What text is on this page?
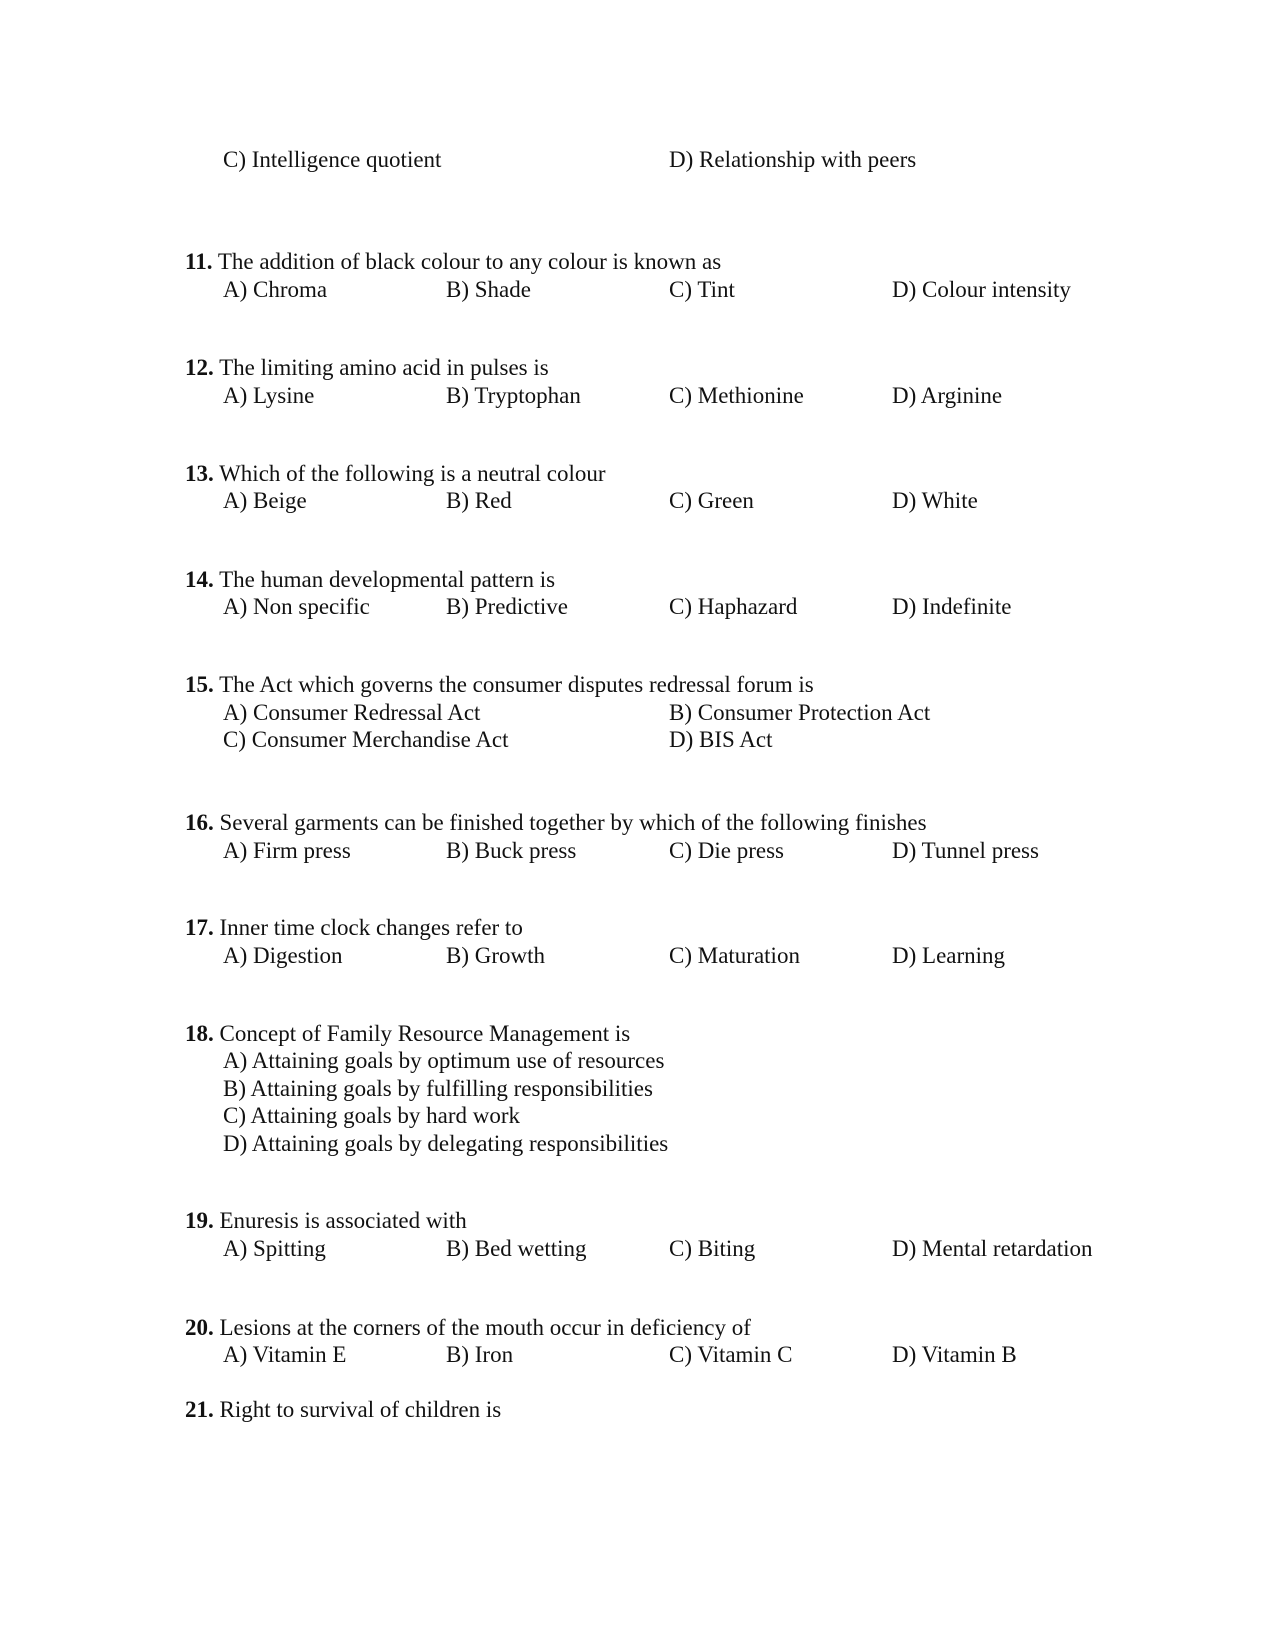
C) Intelligence quotient	D) Relationship with peers
11. The addition of black colour to any colour is known as
A) Chroma	B) Shade	C) Tint	D) Colour intensity
12. The limiting amino acid in pulses is
A) Lysine	B) Tryptophan	C) Methionine	D) Arginine
13. Which of the following is a neutral colour
A) Beige	B) Red	C) Green	D) White
14. The human developmental pattern is
A) Non specific	B) Predictive	C) Haphazard	D) Indefinite
15. The Act which governs the consumer disputes redressal forum is
A) Consumer Redressal Act	B) Consumer Protection Act
C) Consumer Merchandise Act	D) BIS Act
16. Several garments can be finished together by which of the following finishes
A) Firm press	B) Buck press	C) Die press	D) Tunnel press
17. Inner time clock changes refer to
A) Digestion	B) Growth	C) Maturation	D) Learning
18. Concept of Family Resource Management is
A) Attaining goals by optimum use of resources
B) Attaining goals by fulfilling responsibilities
C) Attaining goals by hard work
D) Attaining goals by delegating responsibilities
19. Enuresis is associated with
A) Spitting	B) Bed wetting	C) Biting	D) Mental retardation
20. Lesions at the corners of the mouth occur in deficiency of
A) Vitamin E	B) Iron	C) Vitamin C	D) Vitamin B
21. Right to survival of children is
